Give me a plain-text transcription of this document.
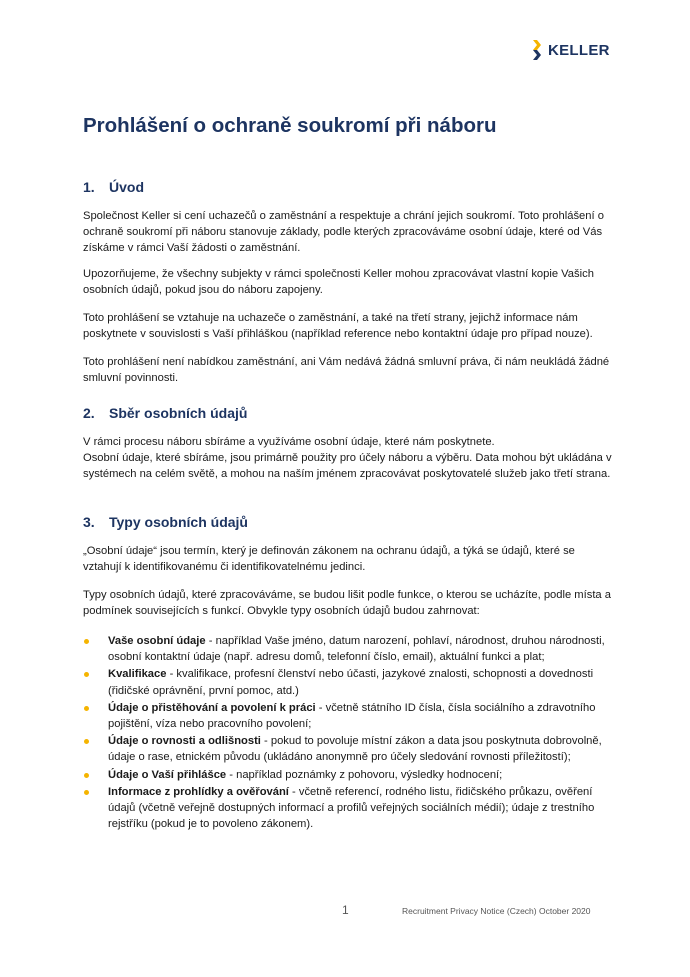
KELLER
Prohlášení o ochraně soukromí při náboru
1. Úvod

Společnost Keller si cení uchazečů o zaměstnání a respektuje a chrání jejich soukromí. Toto prohlášení o ochraně soukromí při náboru stanovuje základy, podle kterých zpracováváme osobní údaje, které od Vás získáme v rámci Vaší žádosti o zaměstnání.

Upozorňujeme, že všechny subjekty v rámci společnosti Keller mohou zpracovávat vlastní kopie Vašich osobních údajů, pokud jsou do náboru zapojeny.

Toto prohlášení se vztahuje na uchazeče o zaměstnání, a také na třetí strany, jejichž informace nám poskytnete v souvislosti s Vaší přihláškou (například reference nebo kontaktní údaje pro případ nouze).

Toto prohlášení není nabídkou zaměstnání, ani Vám nedává žádná smluvní práva, či nám neukládá žádné smluvní povinnosti.

2. Sběr osobních údajů

V rámci procesu náboru sbíráme a využíváme osobní údaje, které nám poskytnete.

Osobní údaje, které sbíráme, jsou primárně použity pro účely náboru a výběru. Data mohou být ukládána v systémech na celém světě, a mohou na naším jménem zpracovávat poskytovatelé služeb jako třetí strana.

3. Typy osobních údajů

„Osobní údaje“ jsou termín, který je definován zákonem na ochranu údajů, a týká se údajů, které se vztahují k identifikovanému či identifikovatelnému jedinci.

Typy osobních údajů, které zpracováváme, se budou lišit podle funkce, o kterou se ucházíte, podle místa a podmínek souvisejících s funkcí. Obvykle typy osobních údajů budou zahrnovat:

Vaše osobní údaje - například Vaše jméno, datum narození, pohlaví, národnost, druhou národnosti, osobní kontaktní údaje (např. adresu domů, telefonní číslo, email), aktuální funkci a plat;
Kvalifikace - kvalifikace, profesní členství nebo účasti, jazykové znalosti, schopnosti a dovednosti (řidičské oprávnění, první pomoc, atd.)
Údaje o přistěhování a povolení k práci - včetně státního ID čísla, čísla sociálního a zdravotního pojištění, víza nebo pracovního povolení;
Údaje o rovnosti a odlišnosti - pokud to povoluje místní zákon a data jsou poskytnuta dobrovolně, údaje o rase, etnickém původu (ukládáno anonymně pro účely sledování rovnosti příležitostí);
Údaje o Vaší přihlášce - například poznámky z pohovoru, výsledky hodnocení;
Informace z prohlídky a ověřování - včetně referencí, rodného listu, řidičského průkazu, ověření údajů (včetně veřejně dostupných informací a profilů veřejných sociálních médií); údaje z trestního rejstříku (pokud je to povoleno zákonem).
1	Recruitment Privacy Notice (Czech) October 2020
